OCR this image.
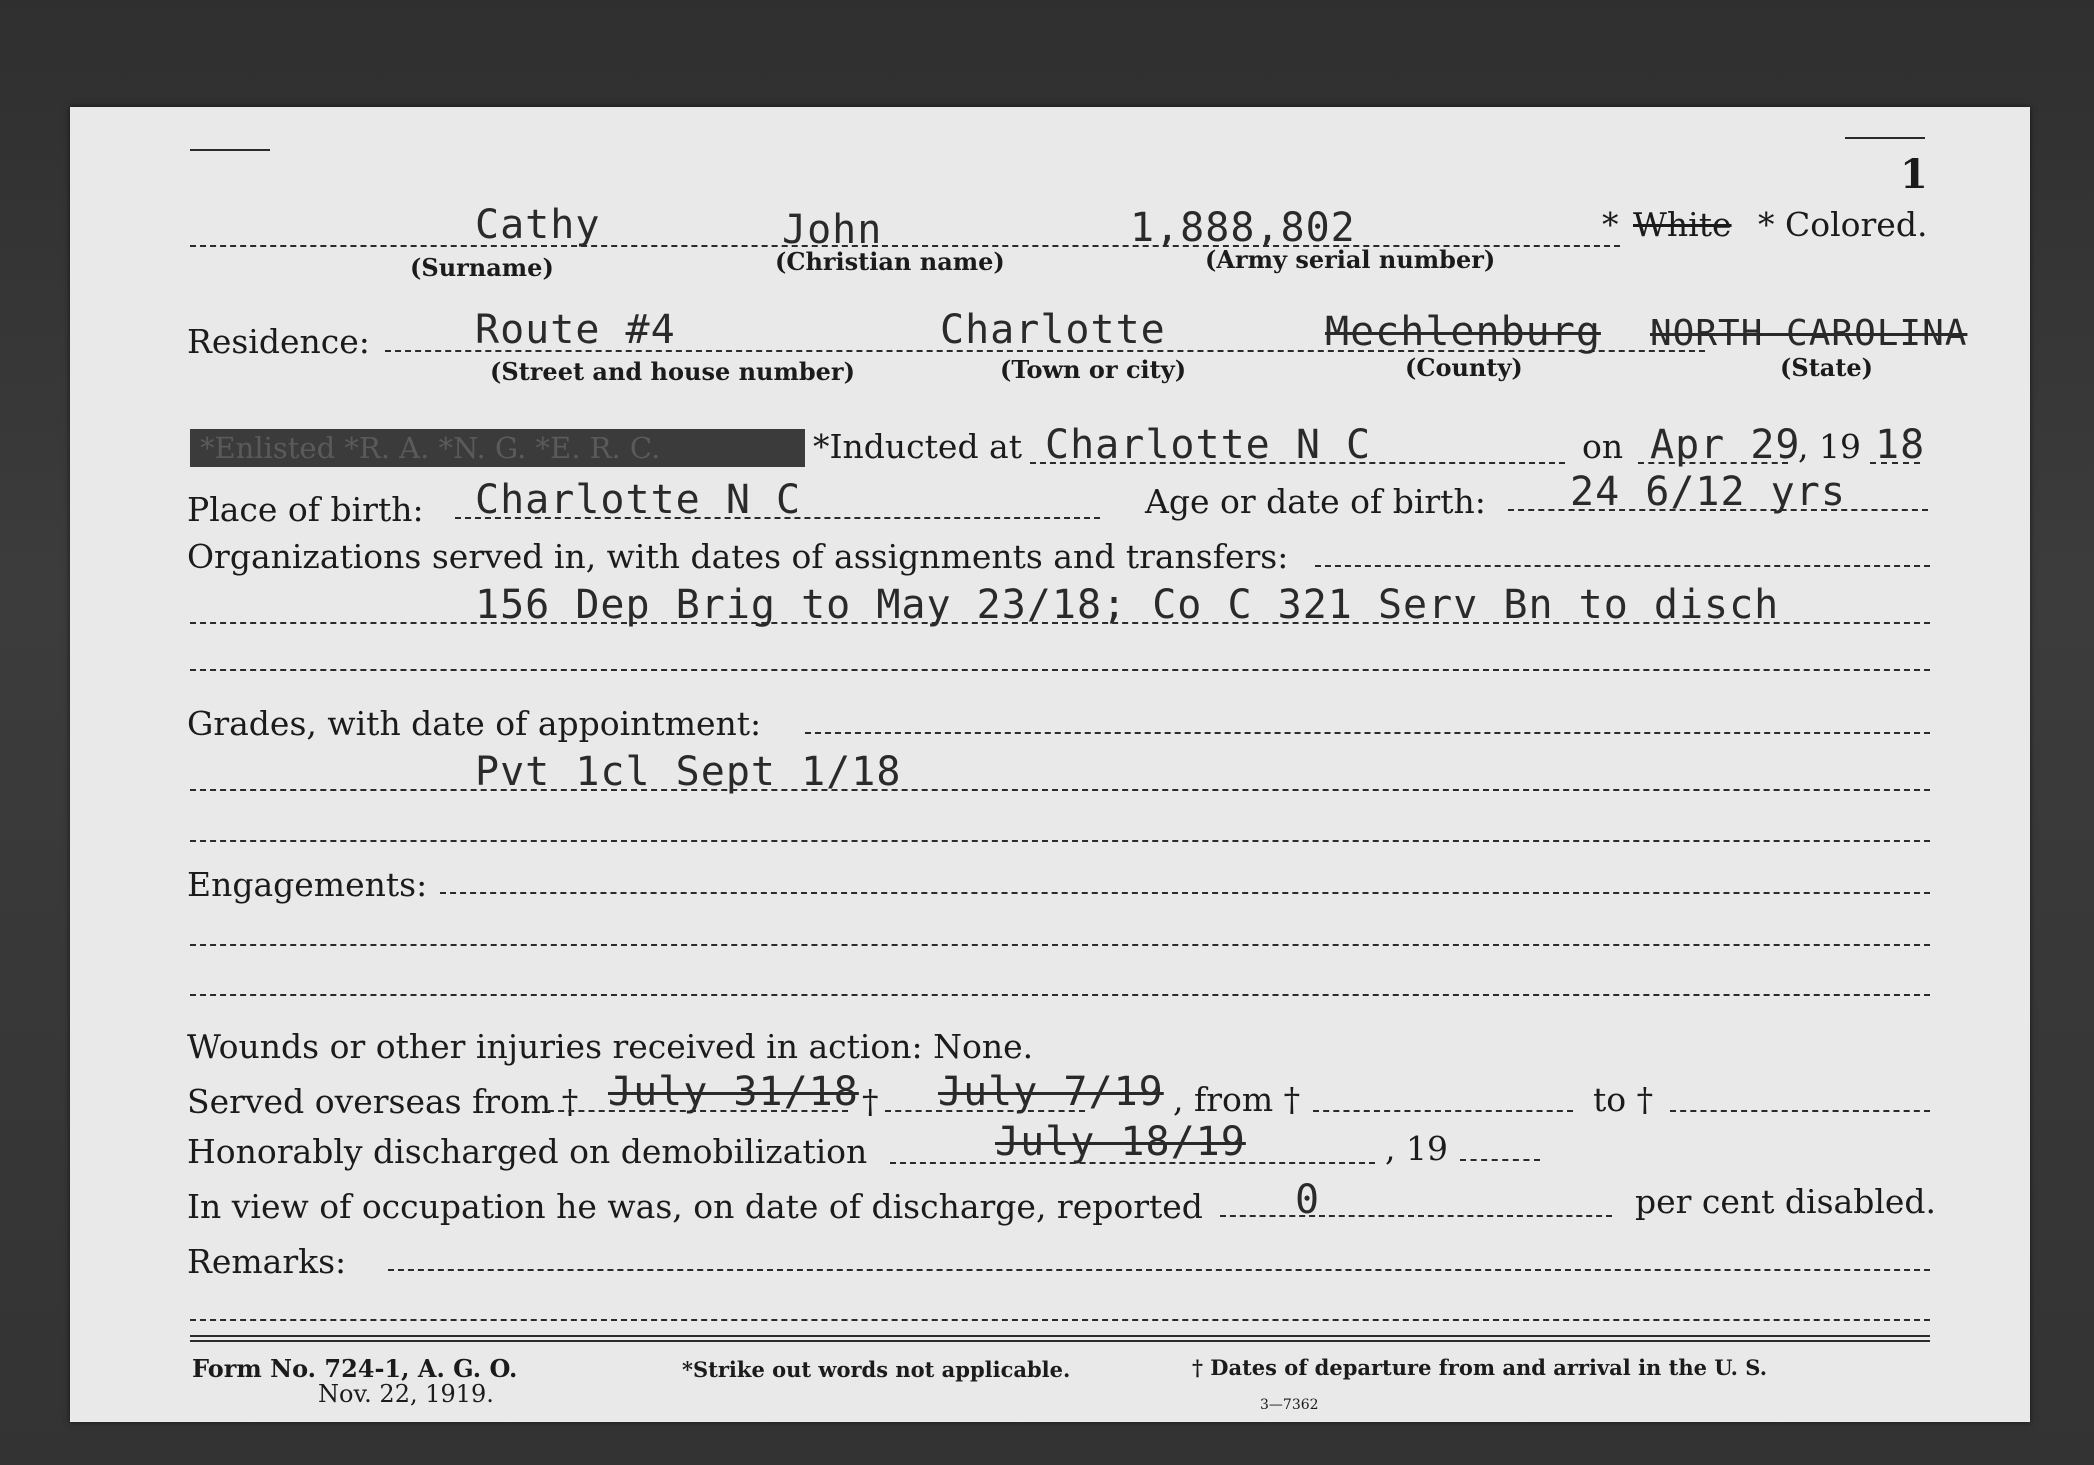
1
Cathy
(Surname)
John
(Christian name)
1,888,802
(Army serial number)
* White * Colored.
Residence:	Route #4
(Street and house number)
Charlotte
(Town or city)
Mechlenburg
(County)
NORTH CAROLINA
(State)
*Enlisted *R. A. *N. G. *E. R. C.	*Inducted at Charlotte N C	on Apr 29
, 19 18
Place of birth: Charlotte N C	Age or date of birth: 24 6/12 yrs
Organizations served in, with dates of assignments and transfers:
156 Dep Brig to May 23/18; Co C 321 Serv Bn to disch
Grades, with date of appointment:
Pvt 1cl Sept 1/18
Engagements:
Wounds or other injuries received in action: None.
Served overseas from † July 31/18 † July 7/19 , from †	to †
Honorably discharged on demobilization	July 18/19	, 19
In view of occupation he was, on date of discharge, reported 0	per cent disabled.
Remarks:
Form No. 724-1, A. G. O.
Nov. 22, 1919.
*Strike out words not applicable.	† Dates of departure from and arrival in the U. S.
3—7362
